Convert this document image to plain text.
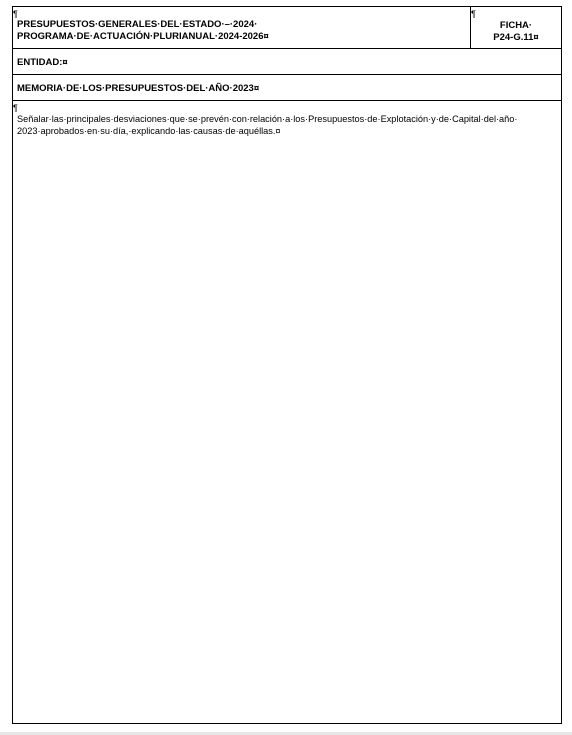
¶
PRESUPUESTOS·GENERALES·DEL·ESTADO·–·2024·
PROGRAMA·DE·ACTUACIÓN·PLURIANUAL·2024-2026¤
¶
FICHA·
P24-G.11¤
ENTIDAD:¤
MEMORIA·DE·LOS·PRESUPUESTOS·DEL·AÑO·2023¤
¶
Señalar·las·principales·desviaciones·que·se·prevén·con·relación·a·los·Presupuestos·de·Explotación·y·de·Capital·del·año·
2023·aprobados·en·su·día,·explicando·las·causas·de·aquéllas.¤
